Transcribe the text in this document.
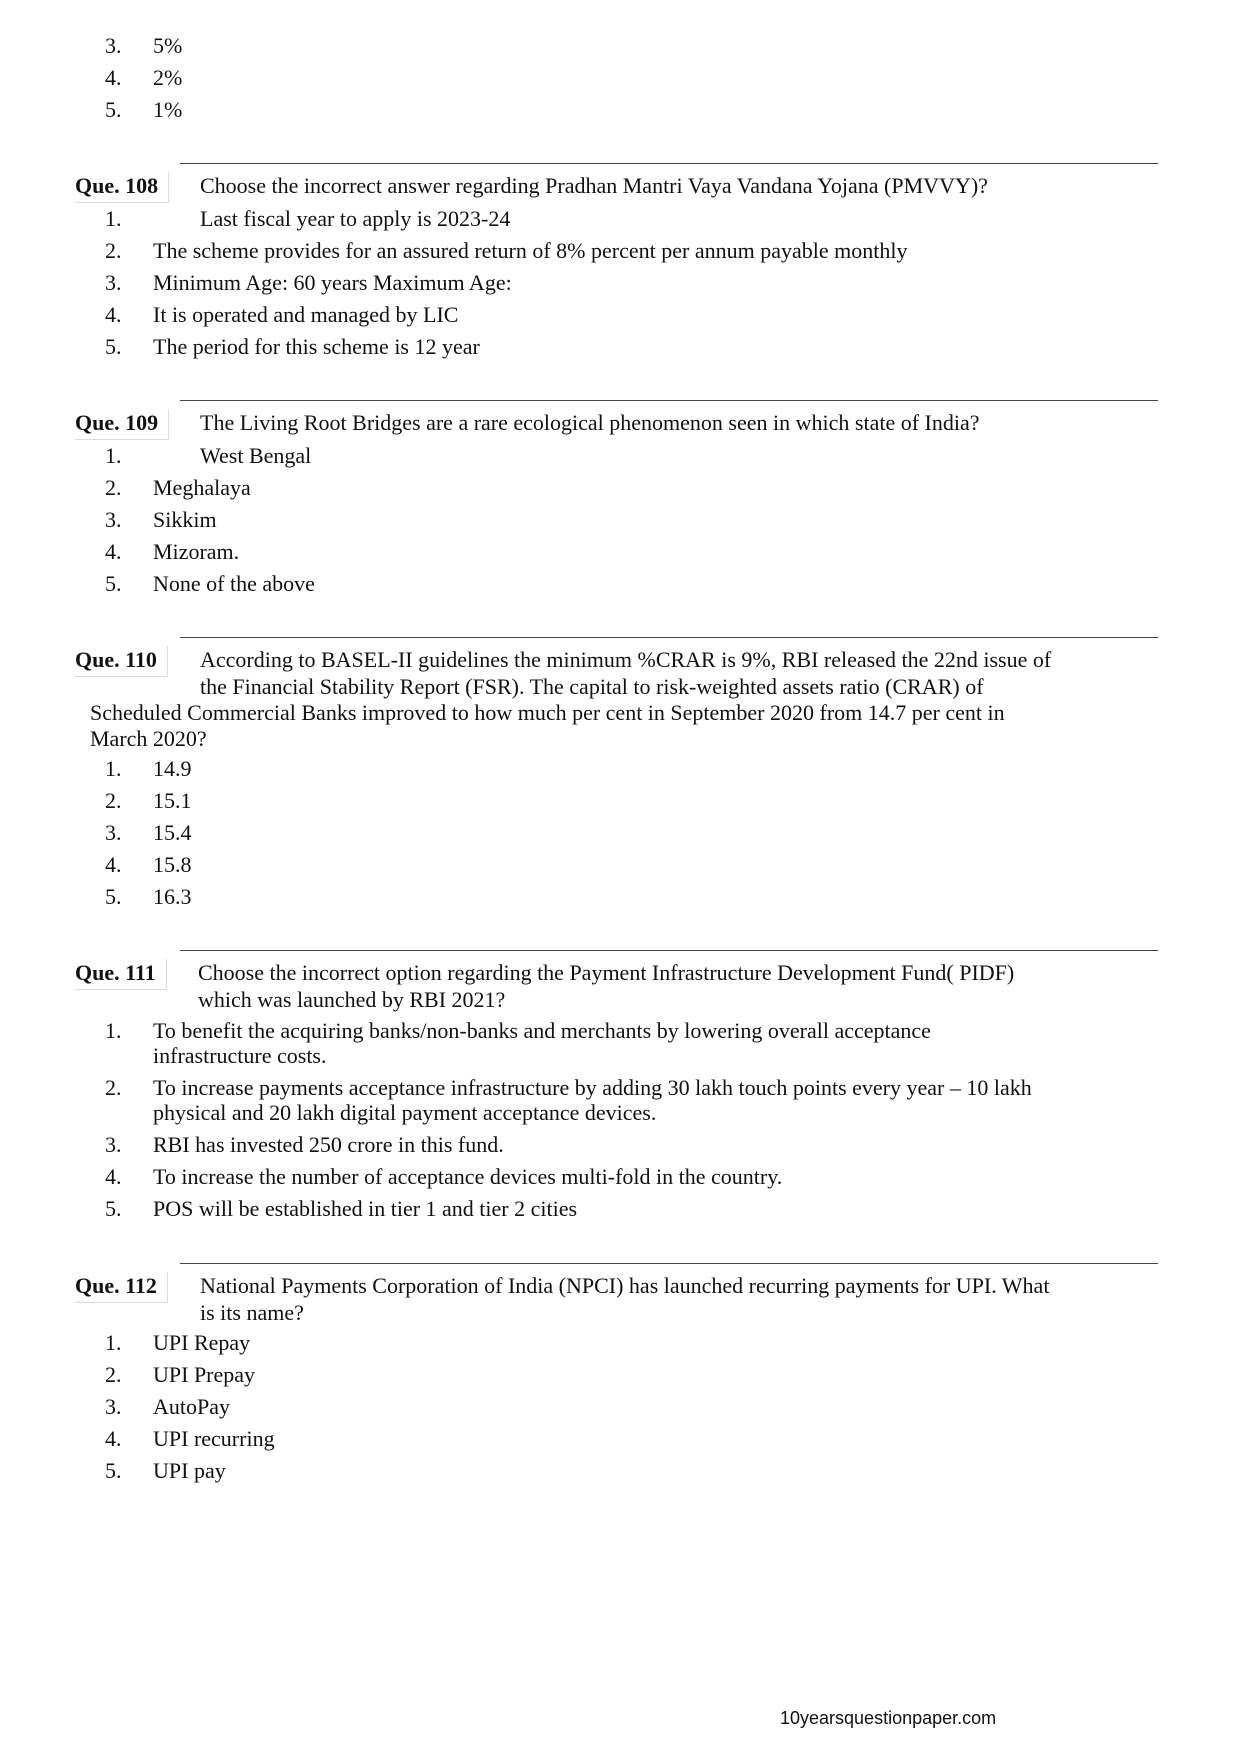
3. 5%
4. 2%
5. 1%
Que. 108	Choose the incorrect answer regarding Pradhan Mantri Vaya Vandana Yojana (PMVVY)?
1.	Last fiscal year to apply is 2023-24
2. The scheme provides for an assured return of 8% percent per annum payable monthly
3. Minimum Age: 60 years Maximum Age:
4. It is operated and managed by LIC
5. The period for this scheme is 12 year
Que. 109	The Living Root Bridges are a rare ecological phenomenon seen in which state of India?
1.	West Bengal
2. Meghalaya
3. Sikkim
4. Mizoram.
5. None of the above
Que. 110	According to BASEL-II guidelines the minimum %CRAR is 9%, RBI released the 22nd issue of
the Financial Stability Report (FSR). The capital to risk-weighted assets ratio (CRAR) of
Scheduled Commercial Banks improved to how much per cent in September 2020 from 14.7 per cent in
March 2020?
1. 14.9
2. 15.1
3. 15.4
4. 15.8
5. 16.3
Que. 111	Choose the incorrect option regarding the Payment Infrastructure Development Fund( PIDF)
which was launched by RBI 2021?
1. To benefit the acquiring banks/non-banks and merchants by lowering overall acceptance
infrastructure costs.
2. To increase payments acceptance infrastructure by adding 30 lakh touch points every year – 10 lakh
physical and 20 lakh digital payment acceptance devices.
3. RBI has invested 250 crore in this fund.
4. To increase the number of acceptance devices multi-fold in the country.
5. POS will be established in tier 1 and tier 2 cities
Que. 112	National Payments Corporation of India (NPCI) has launched recurring payments for UPI. What
is its name?
1. UPI Repay
2. UPI Prepay
3. AutoPay
4. UPI recurring
5. UPI pay
10yearsquestionpaper.com
